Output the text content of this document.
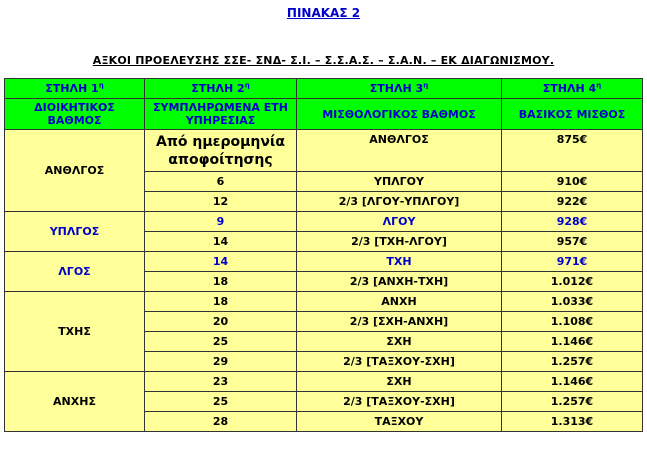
ΠΙΝΑΚΑΣ 2
ΑΞΚΟΙ ΠΡΟΕΛΕΥΣΗΣ ΣΣΕ- ΣΝΔ- Σ.Ι. – Σ.Σ.Α.Σ. – Σ.Α.Ν. – ΕΚ ΔΙΑΓΩΝΙΣΜΟΥ.
ΣΤΗΛΗ $1^\eta$	ΣΤΗΛΗ $2^\eta$	ΣΤΗΛΗ $3^\eta$	ΣΤΗΛΗ $4^\eta$
ΔΙΟΙΚΗΤΙΚΟΣ ΒΑΘΜΟΣ	ΣΥΜΠΛΗΡΩΜΕΝΑ ΕΤΗ ΥΠΗΡΕΣΙΑΣ	ΜΙΣΘΟΛΟΓΙΚΟΣ ΒΑΘΜΟΣ	ΒΑΣΙΚΟΣ ΜΙΣΘΟΣ
ΑΝΘΛΓΟΣ	Από ημερομηνία αποφοίτησης	ΑΝΘΛΓΟΣ	875€
	6	ΥΠΛΓΟΥ	910€
	12	2/3 [ΛΓΟΥ-ΥΠΛΓΟΥ]	922€
ΥΠΛΓΟΣ	9	ΛΓΟΥ	928€
	14	2/3 [ΤΧΗ-ΛΓΟΥ]	957€
ΛΓΟΣ	14	ΤΧΗ	971€
	18	2/3 [ΑΝΧΗ-ΤΧΗ]	1.012€
ΤΧΗΣ	18	ΑΝΧΗ	1.033€
	20	2/3 [ΣΧΗ-ΑΝΧΗ]	1.108€
	25	ΣΧΗ	1.146€
	29	2/3 [ΤΑΞΧΟΥ-ΣΧΗ]	1.257€
ΑΝΧΗΣ	23	ΣΧΗ	1.146€
	25	2/3 [ΤΑΞΧΟΥ-ΣΧΗ]	1.257€
	28	ΤΑΞΧΟΥ	1.313€
